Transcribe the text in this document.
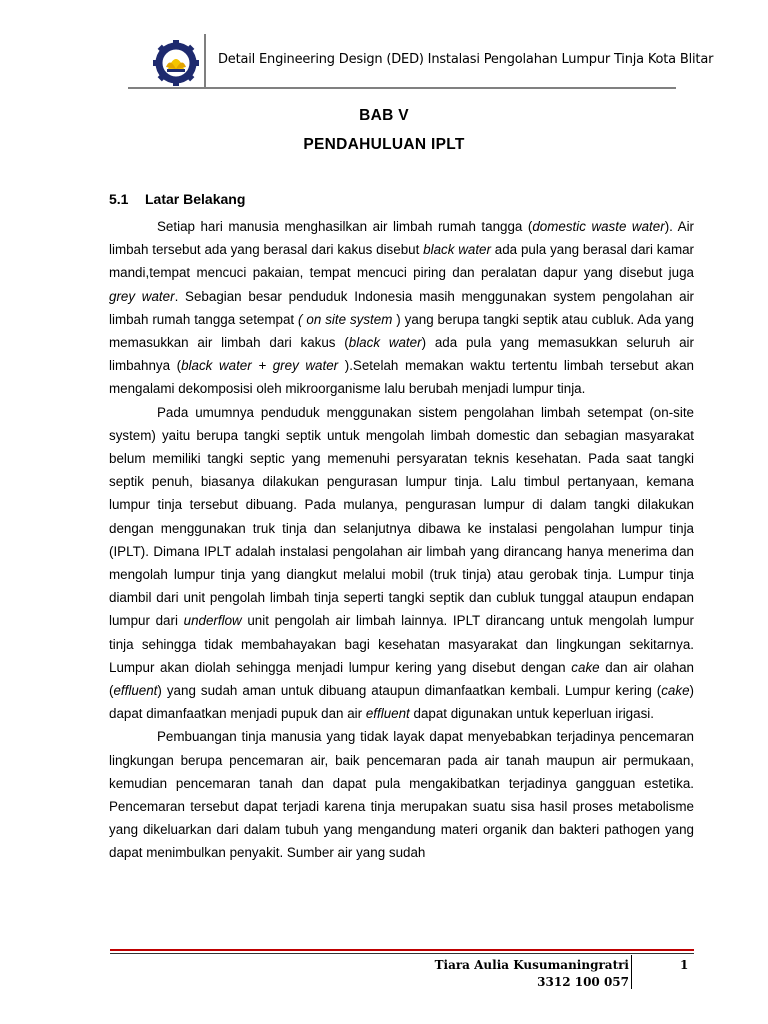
Detail Engineering Design (DED) Instalasi Pengolahan Lumpur Tinja Kota Blitar
BAB V
PENDAHULUAN IPLT
5.1 Latar Belakang

Setiap hari manusia menghasilkan air limbah rumah tangga (domestic waste water). Air limbah tersebut ada yang berasal dari kakus disebut black water ada pula yang berasal dari kamar mandi,tempat mencuci pakaian, tempat mencuci piring dan peralatan dapur yang disebut juga grey water. Sebagian besar penduduk Indonesia masih menggunakan system pengolahan air limbah rumah tangga setempat ( on site system ) yang berupa tangki septik atau cubluk. Ada yang memasukkan air limbah dari kakus (black water) ada pula yang memasukkan seluruh air limbahnya (black water + grey water ).Setelah memakan waktu tertentu limbah tersebut akan mengalami dekomposisi oleh mikroorganisme lalu berubah menjadi lumpur tinja.

Pada umumnya penduduk menggunakan sistem pengolahan limbah setempat (on-site system) yaitu berupa tangki septik untuk mengolah limbah domestic dan sebagian masyarakat belum memiliki tangki septic yang memenuhi persyaratan teknis kesehatan. Pada saat tangki septik penuh, biasanya dilakukan pengurasan lumpur tinja. Lalu timbul pertanyaan, kemana lumpur tinja tersebut dibuang. Pada mulanya, pengurasan lumpur di dalam tangki dilakukan dengan menggunakan truk tinja dan selanjutnya dibawa ke instalasi pengolahan lumpur tinja (IPLT). Dimana IPLT adalah instalasi pengolahan air limbah yang dirancang hanya menerima dan mengolah lumpur tinja yang diangkut melalui mobil (truk tinja) atau gerobak tinja. Lumpur tinja diambil dari unit pengolah limbah tinja seperti tangki septik dan cubluk tunggal ataupun endapan lumpur dari underflow unit pengolah air limbah lainnya. IPLT dirancang untuk mengolah lumpur tinja sehingga tidak membahayakan bagi kesehatan masyarakat dan lingkungan sekitarnya. Lumpur akan diolah sehingga menjadi lumpur kering yang disebut dengan cake dan air olahan (effluent) yang sudah aman untuk dibuang ataupun dimanfaatkan kembali. Lumpur kering (cake) dapat dimanfaatkan menjadi pupuk dan air effluent dapat digunakan untuk keperluan irigasi.

Pembuangan tinja manusia yang tidak layak dapat menyebabkan terjadinya pencemaran lingkungan berupa pencemaran air, baik pencemaran pada air tanah maupun air permukaan, kemudian pencemaran tanah dan dapat pula mengakibatkan terjadinya gangguan estetika. Pencemaran tersebut dapat terjadi karena tinja merupakan suatu sisa hasil proses metabolisme yang dikeluarkan dari dalam tubuh yang mengandung materi organik dan bakteri pathogen yang dapat menimbulkan penyakit. Sumber air yang sudah

Tiara Aulia Kusumaningratri
3312 100 057
1
